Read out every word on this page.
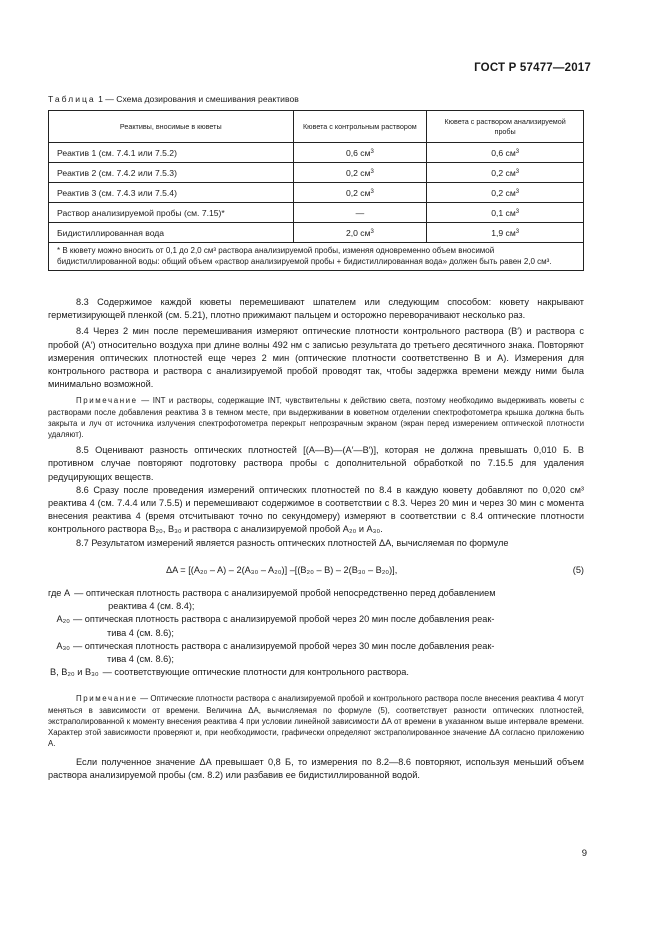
ГОСТ Р 57477—2017
Таблица 1 — Схема дозирования и смешивания реактивов
Реактивы, вносимые в кюветы	Кювета с контрольным раствором	Кювета с раствором анализируемой пробы
Реактив 1 (см. 7.4.1 или 7.5.2)	0,6 $см^3$	0,6 $см^3$
Реактив 2 (см. 7.4.2 или 7.5.3)	0,2 $см^3$	0,2 $см^3$
Реактив 3 (см. 7.4.3 или 7.5.4)	0,2 $см^3$	0,2 $см^3$
Раствор анализируемой пробы (см. 7.15)*	—	0,1 $см^3$
Бидистиллированная вода	2,0 $см^3$	1,9 $см^3$
* В кювету можно вносить от 0,1 до 2,0 см³ раствора анализируемой пробы, изменяя одновременно объем вносимой бидистиллированной воды: общий объем «раствор анализируемой пробы + бидистиллированная вода» должен быть равен 2,0 см³.		

8.3 Содержимое каждой кюветы перемешивают шпателем или следующим способом: кювету накрывают герметизирующей пленкой (см. 5.21), плотно прижимают пальцем и осторожно переворачивают несколько раз.

8.4 Через 2 мин после перемешивания измеряют оптические плотности контрольного раствора (B′) и раствора с пробой (A′) относительно воздуха при длине волны 492 нм с записью результата до третьего десятичного знака. Повторяют измерения оптических плотностей еще через 2 мин (оптические плотности соответственно B и A). Измерения для контрольного раствора и раствора с анализируемой пробой проводят так, чтобы задержка времени между ними была минимально возможной.

Примечание — INT и растворы, содержащие INT, чувствительны к действию света, поэтому необходимо выдерживать кюветы с растворами после добавления реактива 3 в темном месте, при выдерживании в кюветном отделении спектрофотометра крышка должна быть закрыта и луч от источника излучения спектрофотометра перекрыт непрозрачным экраном (экран перед измерением оптической плотности удаляют).

8.5 Оценивают разность оптических плотностей [(A—B)—(A′—B′)], которая не должна превышать 0,010 Б. В противном случае повторяют подготовку раствора пробы с дополнительной обработкой по 7.15.5 для удаления редуцирующих веществ.

8.6 Сразу после проведения измерений оптических плотностей по 8.4 в каждую кювету добавляют по 0,020 см³ реактива 4 (см. 7.4.4 или 7.5.5) и перемешивают содержимое в соответствии с 8.3. Через 20 мин и через 30 мин с момента внесения реактива 4 (время отсчитывают точно по секундомеру) измеряют в соответствии с 8.4 оптические плотности контрольного раствора B₂₀, B₃₀ и раствора с анализируемой пробой A₂₀ и A₃₀.

8.7 Результатом измерений является разность оптических плотностей ΔA, вычисляемая по формуле

ΔA = [(A₂₀ – A) – 2(A₃₀ – A₂₀)] –[(B₂₀ – B) – 2(B₃₀ – B₂₀)],	(5)
где A — оптическая плотность раствора с анализируемой пробой непосредственно перед добавлением
реактива 4 (см. 8.4);
A₂₀ — оптическая плотность раствора с анализируемой пробой через 20 мин после добавления реак-
тива 4 (см. 8.6);
A₃₀ — оптическая плотность раствора с анализируемой пробой через 30 мин после добавления реак-
тива 4 (см. 8.6);
B, B₂₀ и B₃₀ — соответствующие оптические плотности для контрольного раствора.

Примечание — Оптические плотности раствора с анализируемой пробой и контрольного раствора после внесения реактива 4 могут меняться в зависимости от времени. Величина ΔA, вычисляемая по формуле (5), соответствует разности оптических плотностей, экстраполированной к моменту внесения реактива 4 при условии линейной зависимости ΔA от времени в указанном выше интервале времени. Характер этой зависимости проверяют и, при необходимости, графически определяют экстраполированное значение ΔA согласно приложению А.

Если полученное значение ΔA превышает 0,8 Б, то измерения по 8.2—8.6 повторяют, используя меньший объем раствора анализируемой пробы (см. 8.2) или разбавив ее бидистиллированной водой.

9
